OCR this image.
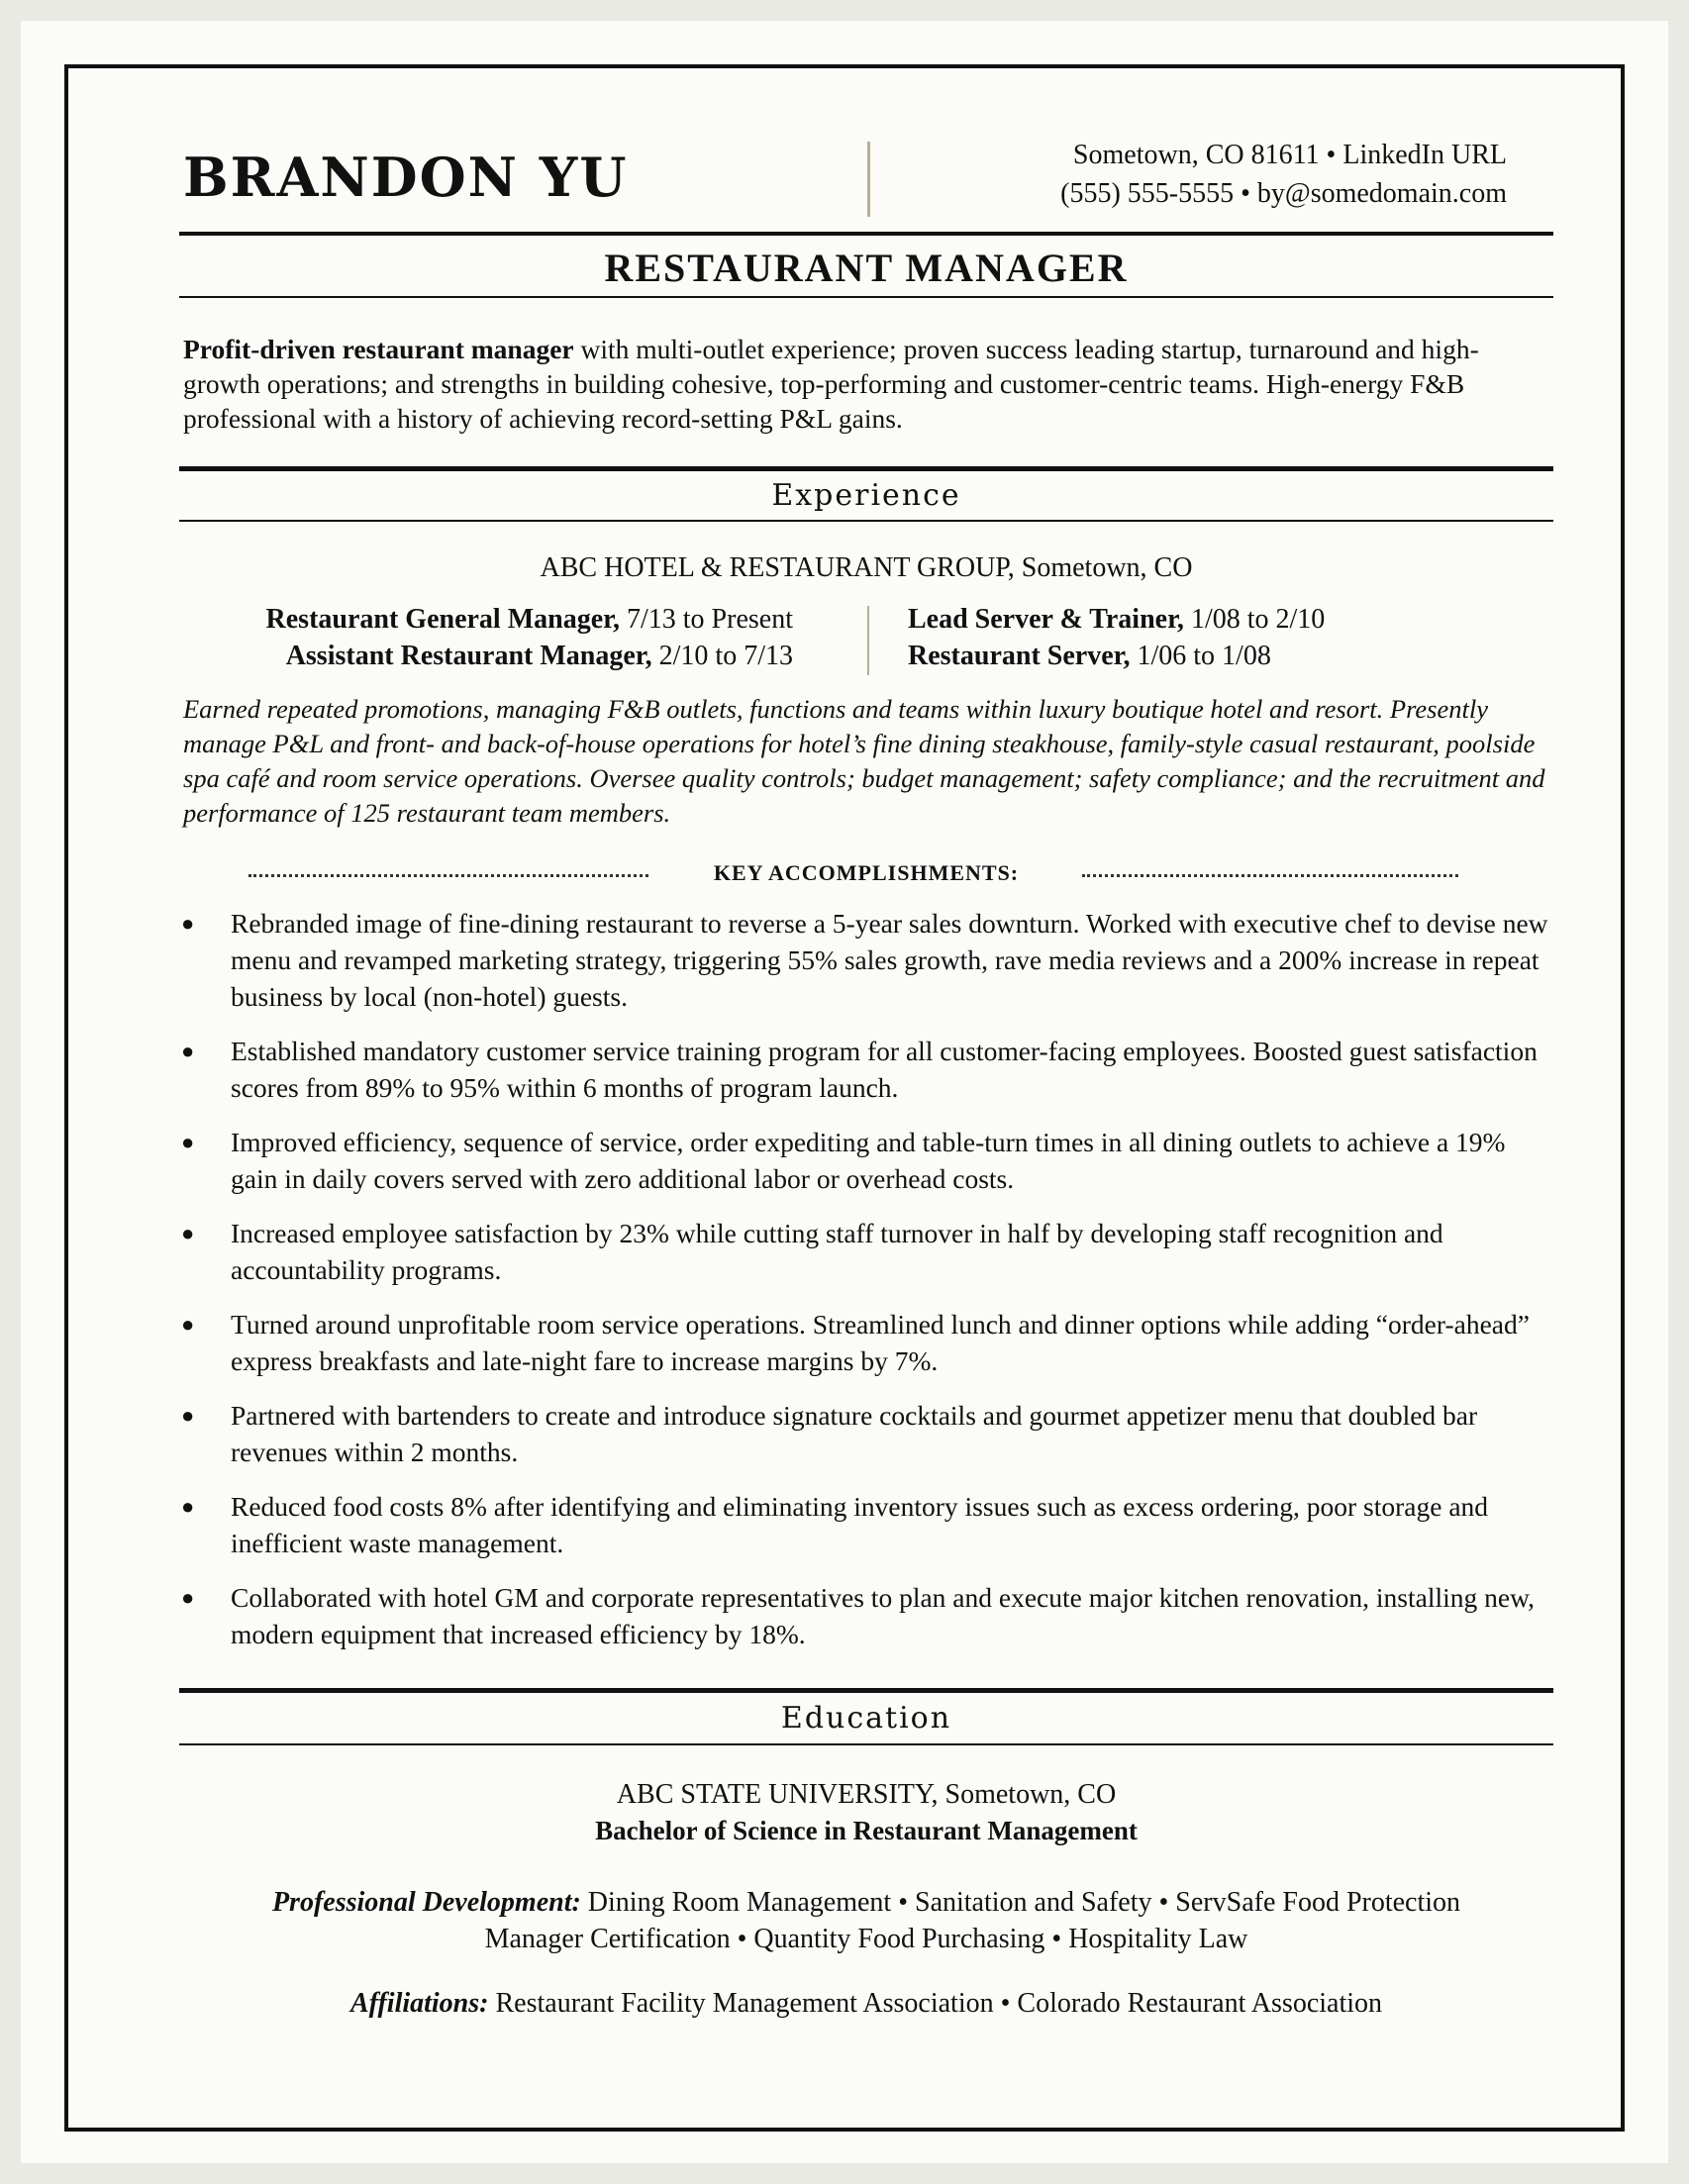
BRANDON YU	Sometown, CO 81611 • LinkedIn URL
(555) 555-5555 • by@somedomain.com
RESTAURANT MANAGER
Profit-driven restaurant manager with multi-outlet experience; proven success leading startup, turnaround and high-growth operations; and strengths in building cohesive, top-performing and customer-centric teams. High-energy F&B professional with a history of achieving record-setting P&L gains.
Experience
ABC HOTEL & RESTAURANT GROUP, Sometown, CO
Restaurant General Manager, 7/13 to Present
Assistant Restaurant Manager, 2/10 to 7/13
Lead Server & Trainer, 1/08 to 2/10
Restaurant Server, 1/06 to 1/08
Earned repeated promotions, managing F&B outlets, functions and teams within luxury boutique hotel and resort. Presently manage P&L and front- and back-of-house operations for hotel’s fine dining steakhouse, family-style casual restaurant, poolside spa café and room service operations. Oversee quality controls; budget management; safety compliance; and the recruitment and performance of 125 restaurant team members.
KEY ACCOMPLISHMENTS:
● Rebranded image of fine-dining restaurant to reverse a 5-year sales downturn. Worked with executive chef to devise new menu and revamped marketing strategy, triggering 55% sales growth, rave media reviews and a 200% increase in repeat business by local (non-hotel) guests.
● Established mandatory customer service training program for all customer-facing employees. Boosted guest satisfaction scores from 89% to 95% within 6 months of program launch.
● Improved efficiency, sequence of service, order expediting and table-turn times in all dining outlets to achieve a 19% gain in daily covers served with zero additional labor or overhead costs.
● Increased employee satisfaction by 23% while cutting staff turnover in half by developing staff recognition and accountability programs.
● Turned around unprofitable room service operations. Streamlined lunch and dinner options while adding “order-ahead” express breakfasts and late-night fare to increase margins by 7%.
● Partnered with bartenders to create and introduce signature cocktails and gourmet appetizer menu that doubled bar revenues within 2 months.
● Reduced food costs 8% after identifying and eliminating inventory issues such as excess ordering, poor storage and inefficient waste management.
● Collaborated with hotel GM and corporate representatives to plan and execute major kitchen renovation, installing new, modern equipment that increased efficiency by 18%.
Education
ABC STATE UNIVERSITY, Sometown, CO
Bachelor of Science in Restaurant Management
Professional Development: Dining Room Management • Sanitation and Safety • ServSafe Food Protection
Manager Certification • Quantity Food Purchasing • Hospitality Law
Affiliations: Restaurant Facility Management Association • Colorado Restaurant Association
